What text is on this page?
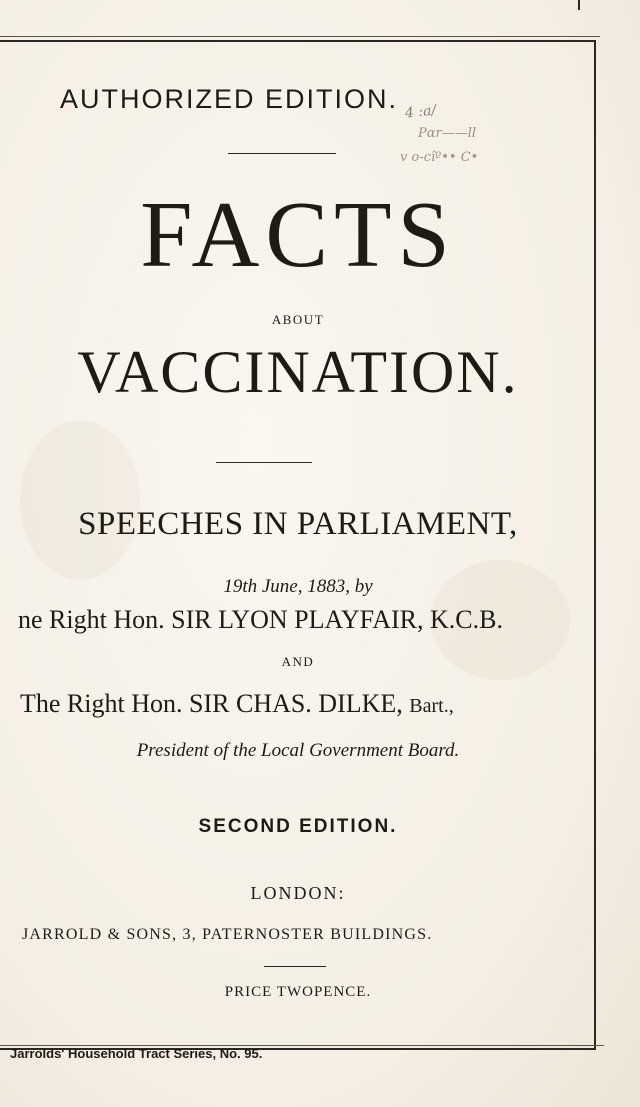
AUTHORIZED EDITION. 4 :a/
Pɑr——ll
v o-cîº•• C•
FACTS
ABOUT
VACCINATION.
SPEECHES IN PARLIAMENT,
19th June, 1883, by
ne Right Hon. SIR LYON PLAYFAIR, K.C.B.
AND
The Right Hon. SIR CHAS. DILKE, Bart.,
President of the Local Government Board.
SECOND EDITION.
LONDON:
JARROLD & SONS, 3, PATERNOSTER BUILDINGS.
PRICE TWOPENCE.
Jarrolds' Household Tract Series, No. 95.
